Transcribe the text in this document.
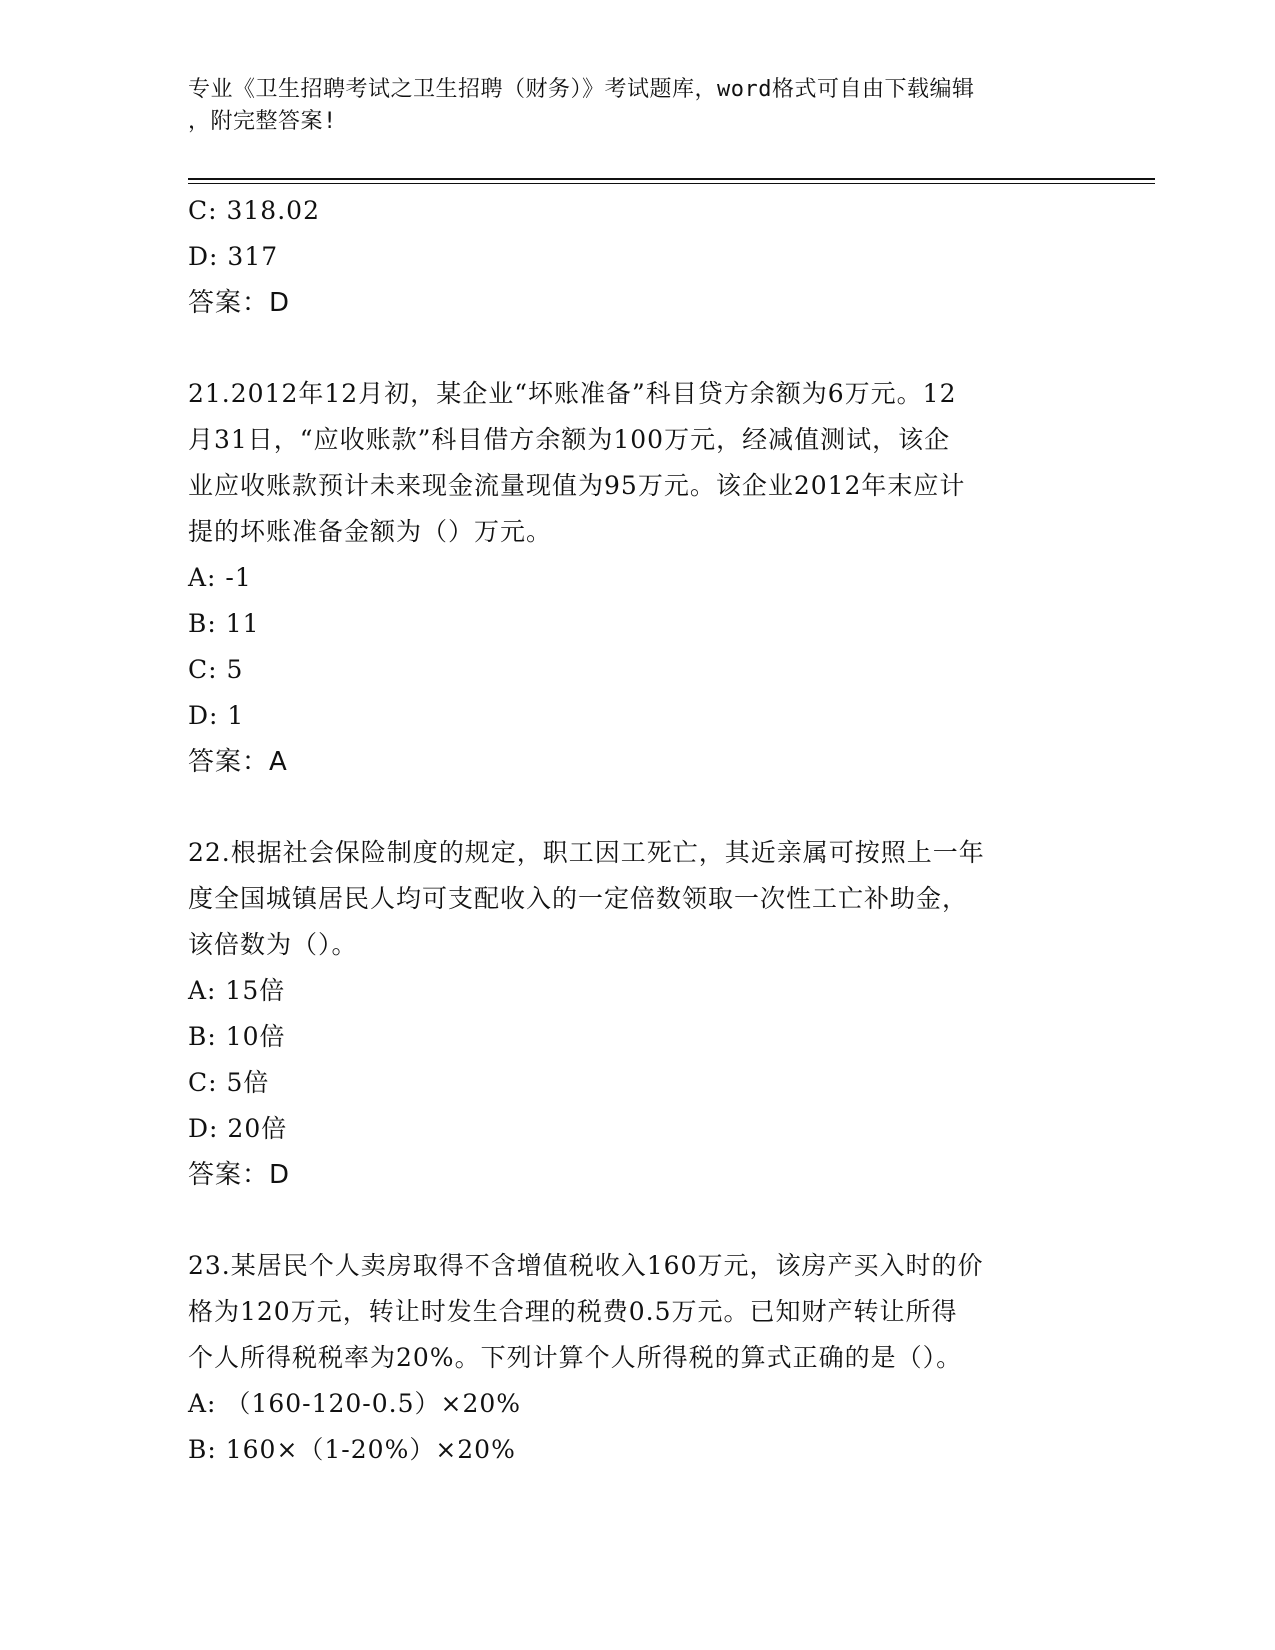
专业《卫生招聘考试之卫生招聘（财务）》考试题库，word格式可自由下载编辑
，附完整答案!
C: 318.02
D: 317
答案：D
21.2012年12月初，某企业“坏账准备”科目贷方余额为6万元。12
月31日，“应收账款”科目借方余额为100万元，经减值测试，该企
业应收账款预计未来现金流量现值为95万元。该企业2012年末应计
提的坏账准备金额为（）万元。
A: -1
B: 11
C: 5
D: 1
答案：A
22.根据社会保险制度的规定，职工因工死亡，其近亲属可按照上一年
度全国城镇居民人均可支配收入的一定倍数领取一次性工亡补助金，
该倍数为（）。
A: 15倍
B: 10倍
C: 5倍
D: 20倍
答案：D
23.某居民个人卖房取得不含增值税收入160万元，该房产买入时的价
格为120万元，转让时发生合理的税费0.5万元。已知财产转让所得
个人所得税税率为20%。下列计算个人所得税的算式正确的是（）。
A: （160-120-0.5）×20%
B: 160×（1-20%）×20%
